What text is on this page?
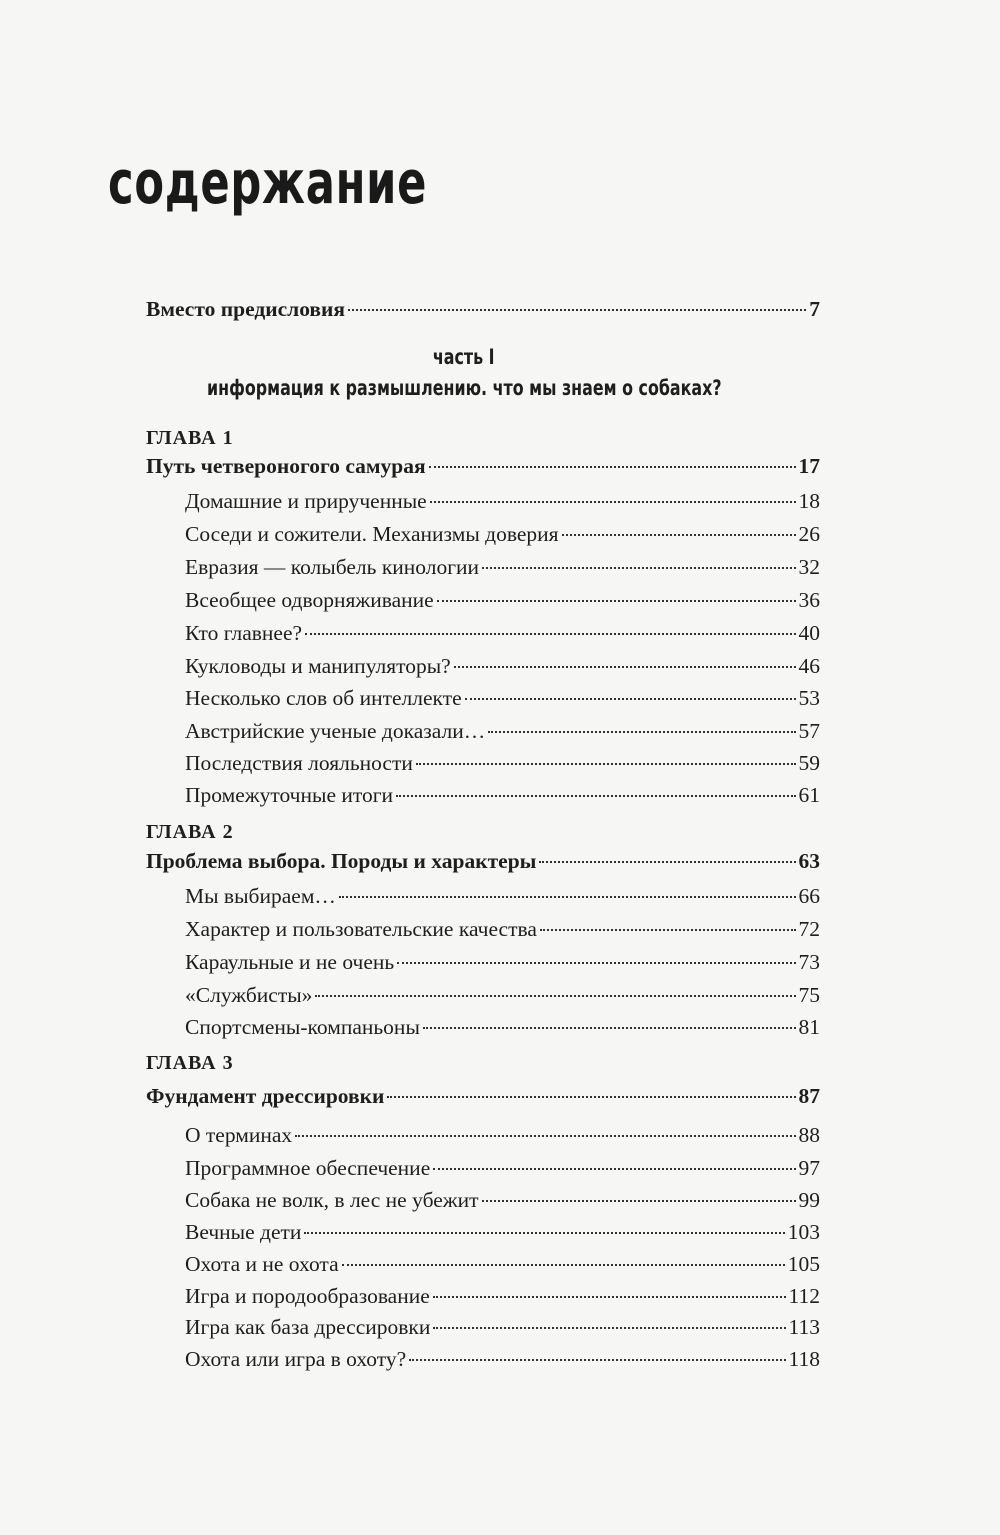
содержание
Вместо предисловия	7
часть I
информация к размышлению. что мы знаем о собаках?
ГЛАВА 1
Путь четвероногого самурая	17
Домашние и прирученные	18
Соседи и сожители. Механизмы доверия	26
Евразия — колыбель кинологии	32
Всеобщее одворняживание	36
Кто главнее?	40
Кукловоды и манипуляторы?	46
Несколько слов об интеллекте	53
Австрийские ученые доказали…	57
Последствия лояльности	59
Промежуточные итоги	61
ГЛАВА 2
Проблема выбора. Породы и характеры	63
Мы выбираем…	66
Характер и пользовательские качества	72
Караульные и не очень	73
«Службисты»	75
Спортсмены-компаньоны	81
ГЛАВА 3
Фундамент дрессировки	87
О терминах	88
Программное обеспечение	97
Собака не волк, в лес не убежит	99
Вечные дети	103
Охота и не охота	105
Игра и породообразование	112
Игра как база дрессировки	113
Охота или игра в охоту?	118
